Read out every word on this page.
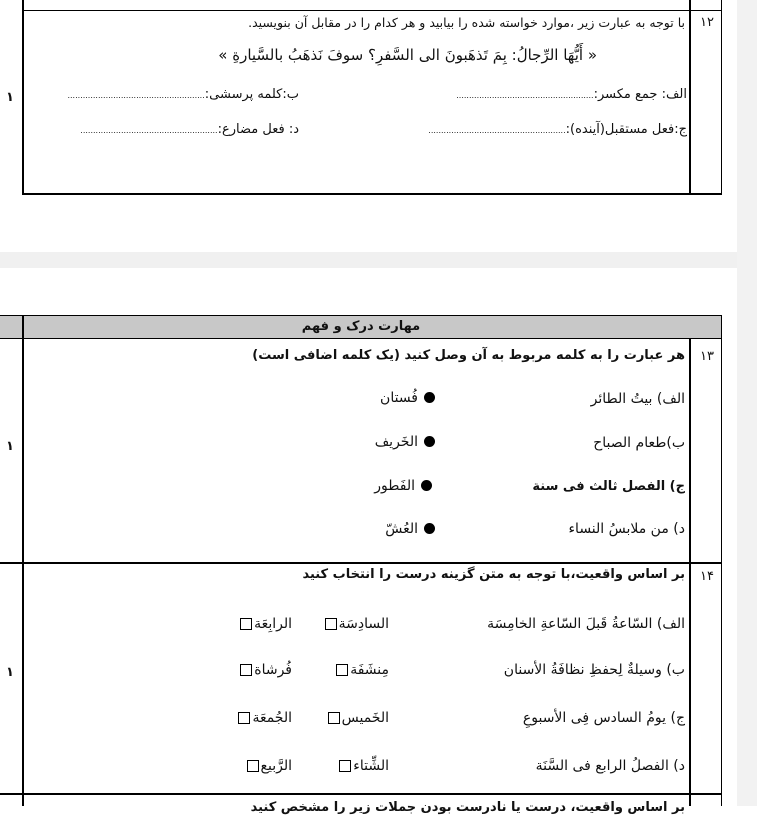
۱۲
۱
با توجه به عبارت زیر ،موارد خواسته شده را بیابید و هر کدام را در مقابل آن بنویسید.
« أَيُّهَا الرِّجالُ: بِمَ تَذهَبونَ الی السَّفرِ؟ سوفَ نَذهَبُ بالسَّيارةِ »
الف: جمع مکسر:......................................................
ب:کلمه پرسشی:......................................................
ج:فعل مستقبل(آینده):......................................................
د: فعل مضارع:......................................................
مهارت درک و فهم
۱۳
۱
هر عبارت را به کلمه مربوط به آن وصل کنید (یک کلمه اضافی است)
الف) بيتُ الطائر
ب)طعام الصباح
ج) الفصل ثالث فی سنة
د) من ملابسُ النساء
فُستان
الخَريف
الفَطور
العُشّ
۱۴
۱
بر اساس واقعیت،با توجه به متن گزینه درست را انتخاب کنید
الف) السّاعةُ قَبلَ السّاعةِ الخامِسَة
السادِسَة
الرابِعَة
ب) وسيلةٌ لِحفظِ نظافَةُ الأسنان
مِنشَفَة
فُرشاة
ج) يومُ السادس فِی الأسبوعِ
الخَميس
الجُمعَة
د) الفصلُ الرابع فی السَّنَة
الشِّتاء
الرَّبيع
بر اساس واقعیت، درست یا نادرست بودن جملات زیر را مشخص کنید
